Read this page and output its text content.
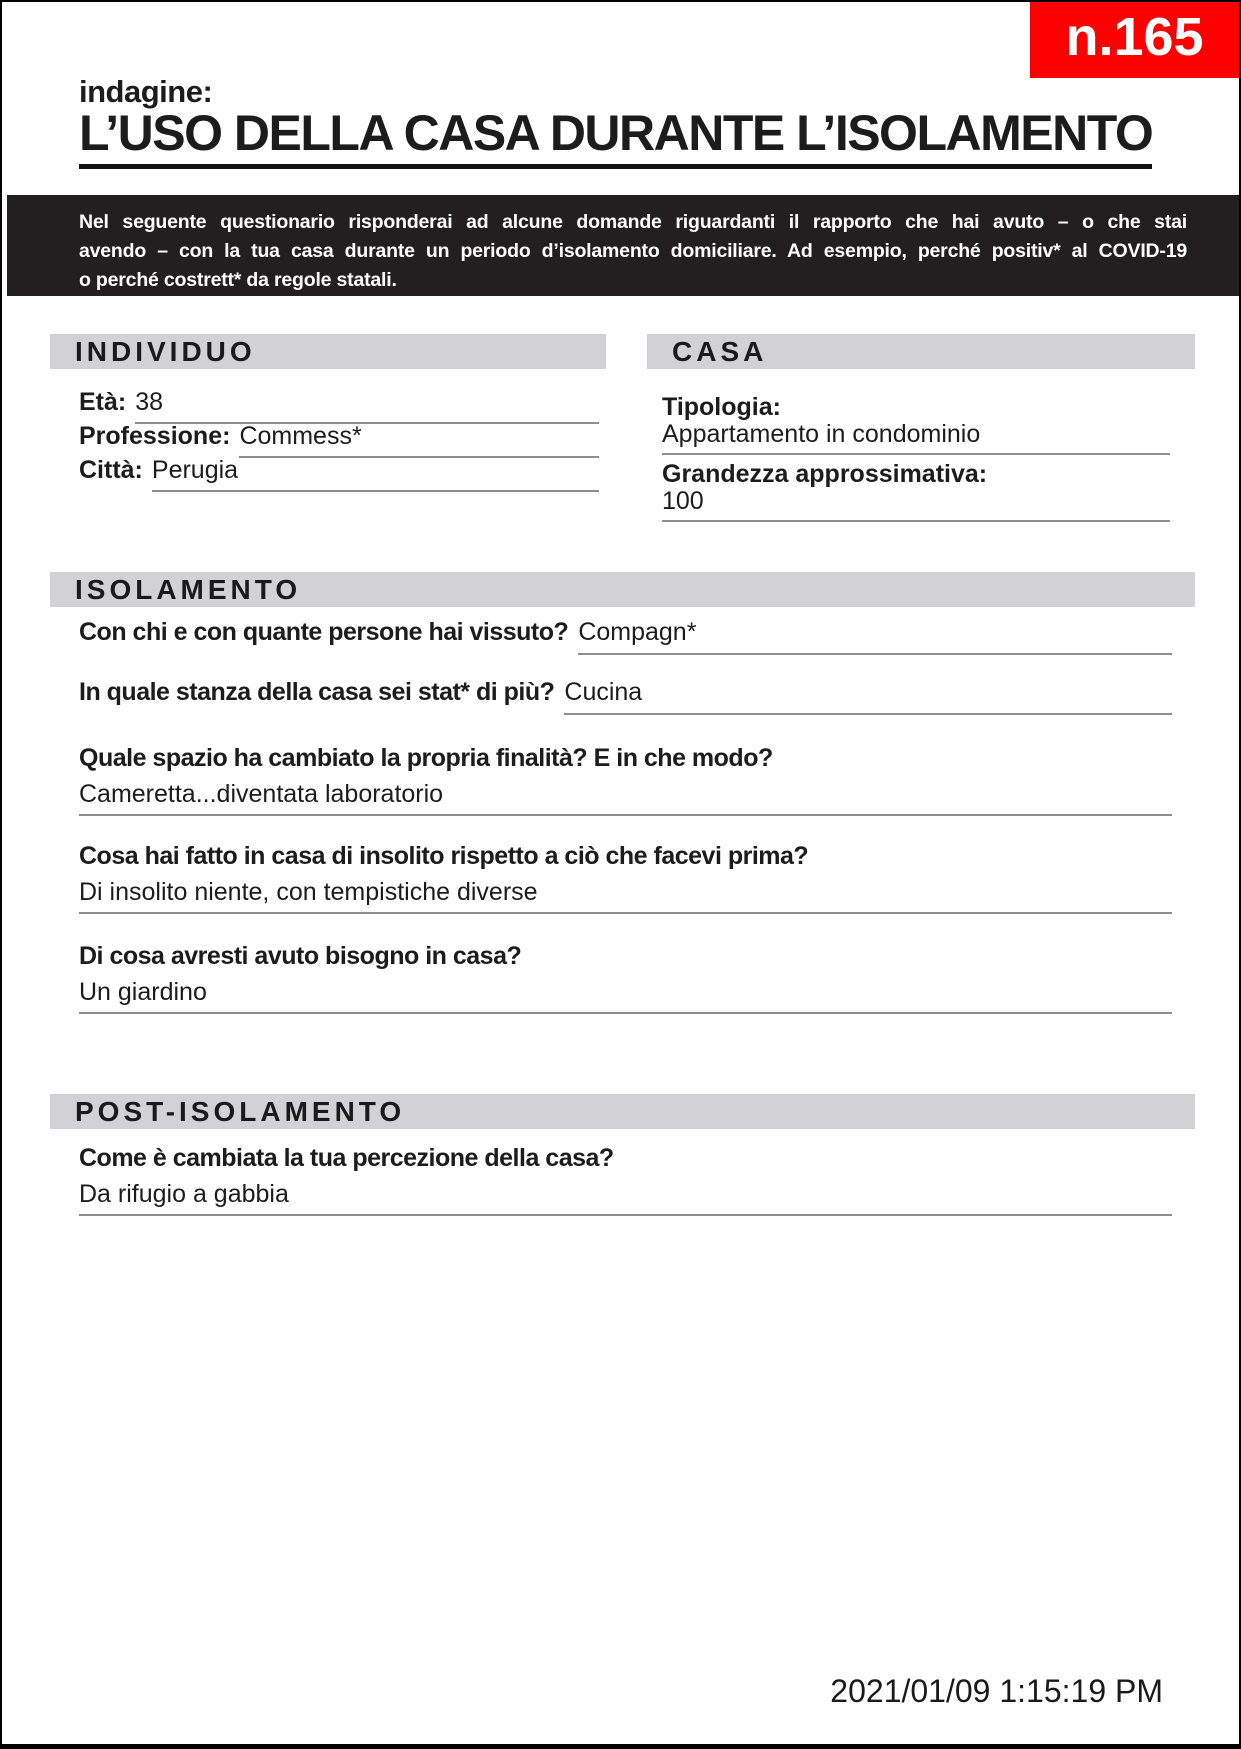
n.165
indagine:
L’USO DELLA CASA DURANTE L’ISOLAMENTO
Nel seguente questionario risponderai ad alcune domande riguardanti il rapporto che hai avuto – o che stai
avendo – con la tua casa durante un periodo d’isolamento domiciliare. Ad esempio, perché positiv* al COVID-19
o perché costrett* da regole statali.
INDIVIDUO	CASA
Età: 38
Professione: Commess*
Città: Perugia
Tipologia:
Appartamento in condominio
Grandezza approssimativa:
100
ISOLAMENTO
Con chi e con quante persone hai vissuto? Compagn*
In quale stanza della casa sei stat* di più? Cucina
Quale spazio ha cambiato la propria finalità? E in che modo?
Cameretta...diventata laboratorio
Cosa hai fatto in casa di insolito rispetto a ciò che facevi prima?
Di insolito niente, con tempistiche diverse
Di cosa avresti avuto bisogno in casa?
Un giardino
POST-ISOLAMENTO
Come è cambiata la tua percezione della casa?
Da rifugio a gabbia
2021/01/09 1:15:19 PM
